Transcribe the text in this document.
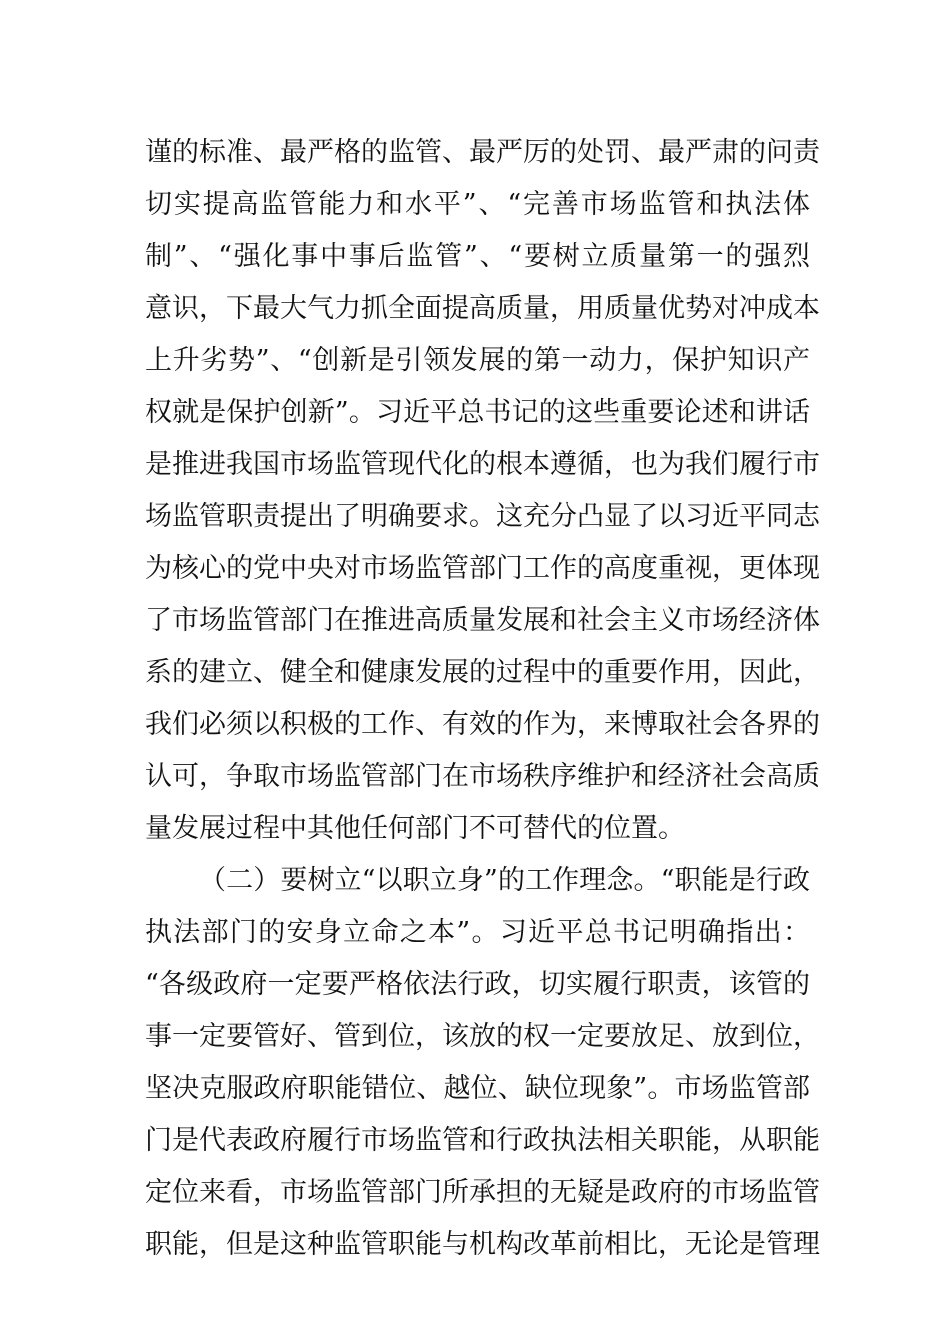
谨的标准、最严格的监管、最严厉的处罚、最严肃的问责
切实提高监管能力和水平”、“完善市场监管和执法体
制”、“强化事中事后监管”、“要树立质量第一的强烈
意识，下最大气力抓全面提高质量，用质量优势对冲成本
上升劣势”、“创新是引领发展的第一动力，保护知识产
权就是保护创新”。习近平总书记的这些重要论述和讲话
是推进我国市场监管现代化的根本遵循，也为我们履行市
场监管职责提出了明确要求。这充分凸显了以习近平同志
为核心的党中央对市场监管部门工作的高度重视，更体现
了市场监管部门在推进高质量发展和社会主义市场经济体
系的建立、健全和健康发展的过程中的重要作用，因此，
我们必须以积极的工作、有效的作为，来博取社会各界的
认可，争取市场监管部门在市场秩序维护和经济社会高质
量发展过程中其他任何部门不可替代的位置。
（二）要树立“以职立身”的工作理念。“职能是行政
执法部门的安身立命之本”。习近平总书记明确指出：
“各级政府一定要严格依法行政，切实履行职责，该管的
事一定要管好、管到位，该放的权一定要放足、放到位，
坚决克服政府职能错位、越位、缺位现象”。市场监管部
门是代表政府履行市场监管和行政执法相关职能，从职能
定位来看，市场监管部门所承担的无疑是政府的市场监管
职能，但是这种监管职能与机构改革前相比，无论是管理
